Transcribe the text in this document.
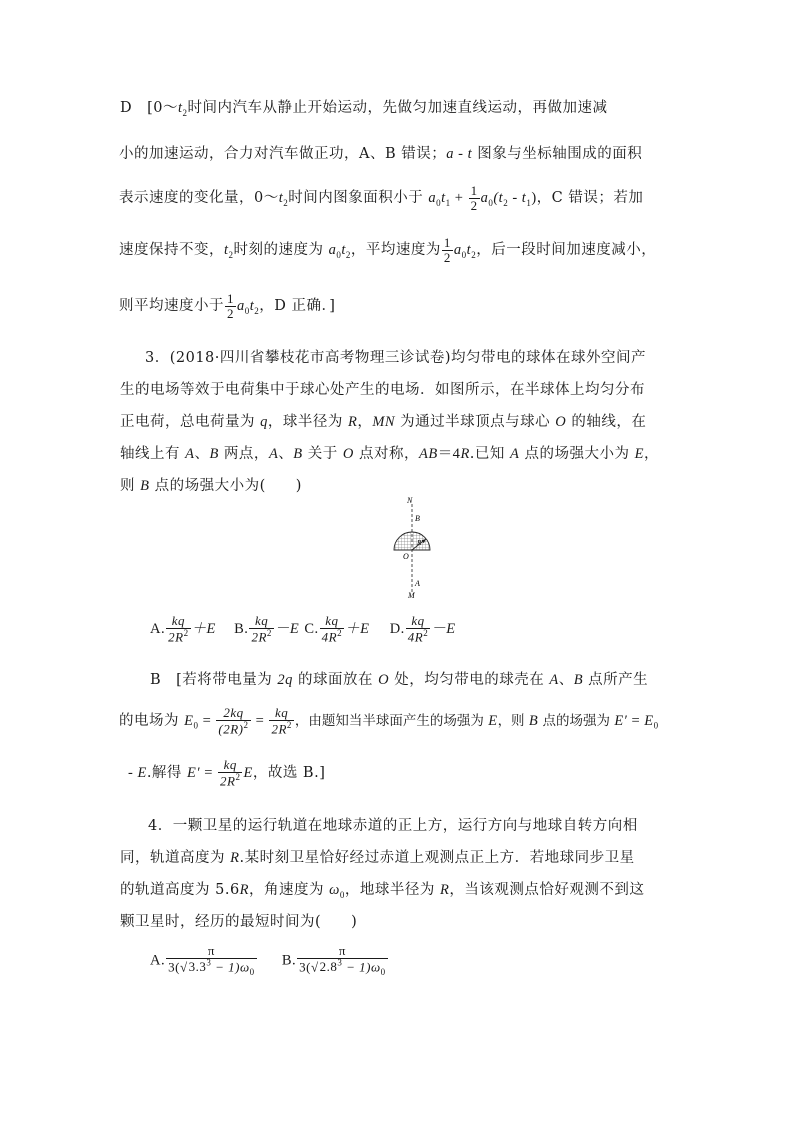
D　[$0\sim t_2$时间内汽车从静止开始运动，先做匀加速直线运动，再做加速减
小的加速运动，合力对汽车做正功，A、B 错误；a - t 图象与坐标轴围成的面积
表示速度的变化量，$0\sim t_2$时间内图象面积小于 $a_0t_1 + \frac{1}{2} a_0(t_2 - t_1)$，C 错误；若加
速度保持不变，$t_2$时刻的速度为 $a_0t_2$，平均速度为 $\frac{1}{2} a_0t_2$，后一段时间加速度减小，
则平均速度小于 $\frac{1}{2} a_0t_2$，D 正确．]
3．(2018·四川省攀枝花市高考物理三诊试卷)均匀带电的球体在球外空间产
生的电场等效于电荷集中于球心处产生的电场．如图所示，在半球体上均匀分布
正电荷，总电荷量为 q，球半径为 R，MN 为通过半球顶点与球心 O 的轴线，在
轴线上有 A、B 两点，A、B 关于 O 点对称，AB＝4R.已知 A 点的场强大小为 E，
则 B 点的场强大小为(　　)
N
B
R
O
A
M
A. $\frac{kq}{2R^2} +E$ B. $\frac{kq}{2R^2} -E$ C. $\frac{kq}{4R^2} +E$ D. $\frac{kq}{4R^2} -E$
B　[若将带电量为 2q 的球面放在 O 处，均匀带电的球壳在 A、B 点所产生
的电场为 $E_0 = \frac{2kq}{(2R)^2} = \frac{kq}{2R^2}$ ，由题知当半球面产生的场强为 E，则 B 点的场强为 $E' = E_0$
- E.解得 $E' = \frac{kq}{2R^2}$ E，故选 B.]
4．一颗卫星的运行轨道在地球赤道的正上方，运行方向与地球自转方向相
同，轨道高度为 R.某时刻卫星恰好经过赤道上观测点正上方．若地球同步卫星
的轨道高度为 5.6R，角速度为 $\omega_0$，地球半径为 R，当该观测点恰好观测不到这
颗卫星时，经历的最短时间为(　　)
A. $\frac{\pi}{3(√3.3^3 - 1)\omega_0} B$. $\frac{\pi}{3(√2.8^3 - 1)\omega_0}$
